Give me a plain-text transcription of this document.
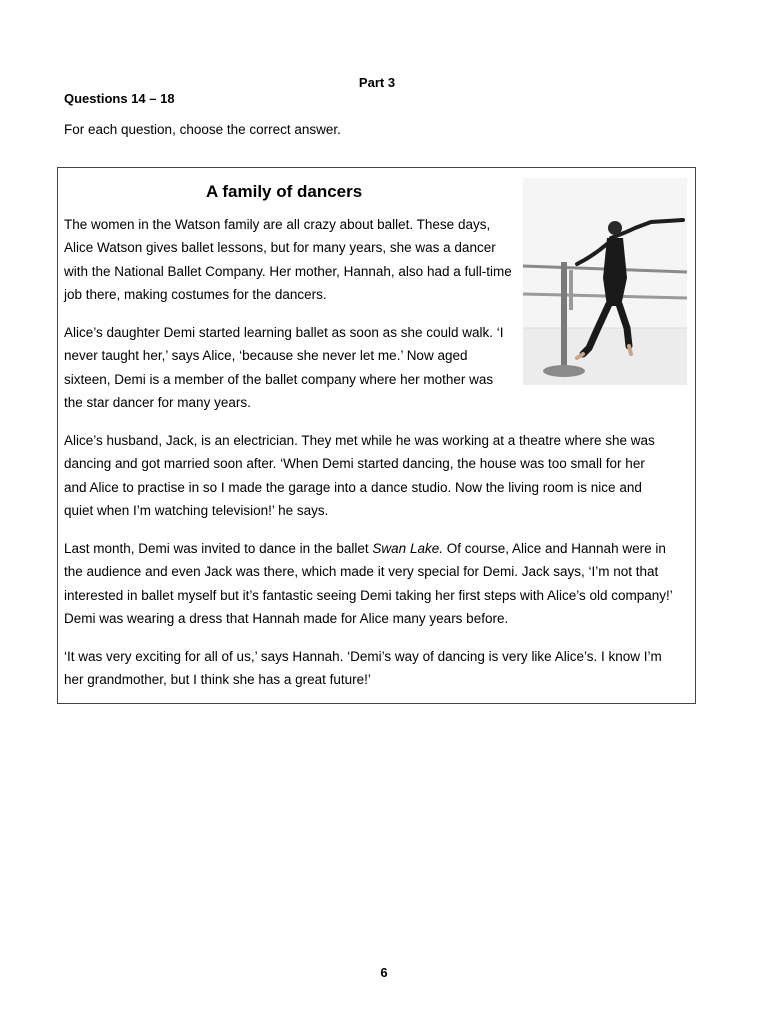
Part 3
Questions 14 – 18
For each question, choose the correct answer.
A family of dancers

The women in the Watson family are all crazy about ballet. These days, Alice Watson gives ballet lessons, but for many years, she was a dancer with the National Ballet Company. Her mother, Hannah, also had a full-time job there, making costumes for the dancers.

Alice’s daughter Demi started learning ballet as soon as she could walk. ‘I never taught her,’ says Alice, ‘because she never let me.’ Now aged sixteen, Demi is a member of the ballet company where her mother was the star dancer for many years.

Alice’s husband, Jack, is an electrician. They met while he was working at a theatre where she was dancing and got married soon after. ‘When Demi started dancing, the house was too small for her and Alice to practise in so I made the garage into a dance studio. Now the living room is nice and quiet when I’m watching television!’ he says.

Last month, Demi was invited to dance in the ballet Swan Lake. Of course, Alice and Hannah were in the audience and even Jack was there, which made it very special for Demi. Jack says, ‘I’m not that interested in ballet myself but it’s fantastic seeing Demi taking her first steps with Alice’s old company!’ Demi was wearing a dress that Hannah made for Alice many years before.

‘It was very exciting for all of us,’ says Hannah. ‘Demi’s way of dancing is very like Alice’s. I know I’m her grandmother, but I think she has a great future!’

6
